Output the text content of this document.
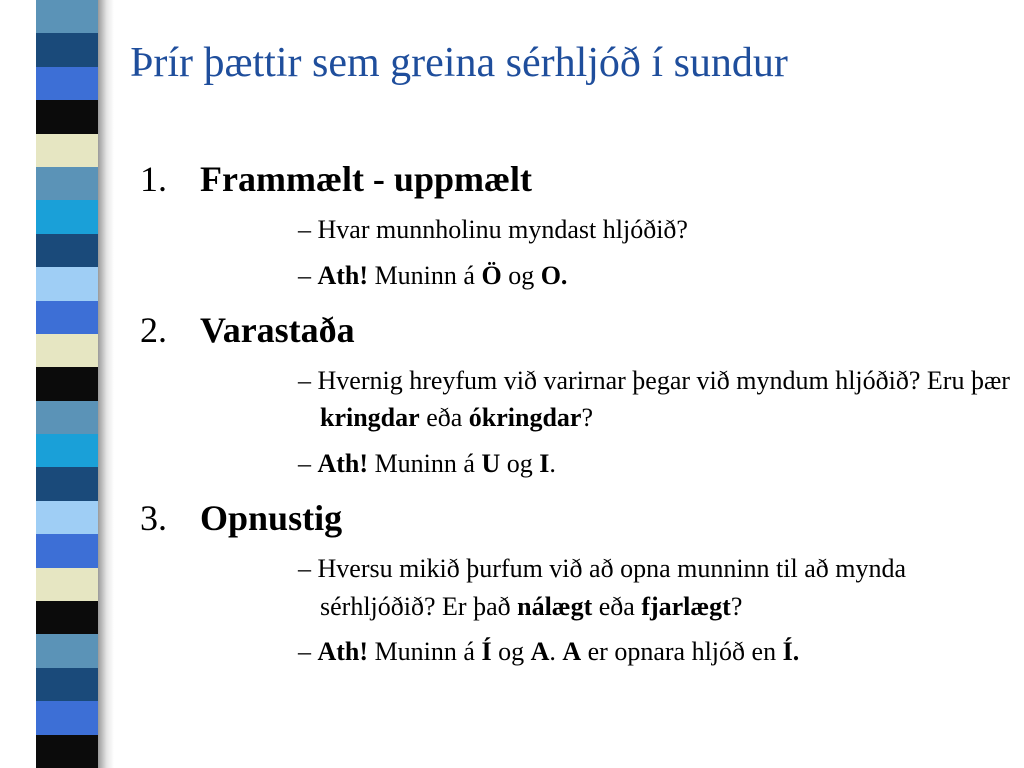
Þrír þættir sem greina sérhljóð í sundur
1. Frammælt - uppmælt
– Hvar munnholinu myndast hljóðið?
– Ath! Muninn á Ö og O.
2. Varastaða
– Hvernig hreyfum við varirnar þegar við myndum hljóðið? Eru þær kringdar eða ókringdar?
– Ath! Muninn á U og I.
3. Opnustig
– Hversu mikið þurfum við að opna munninn til að mynda sérhljóðið? Er það nálægt eða fjarlægt?
– Ath! Muninn á Í og A. A er opnara hljóð en Í.
